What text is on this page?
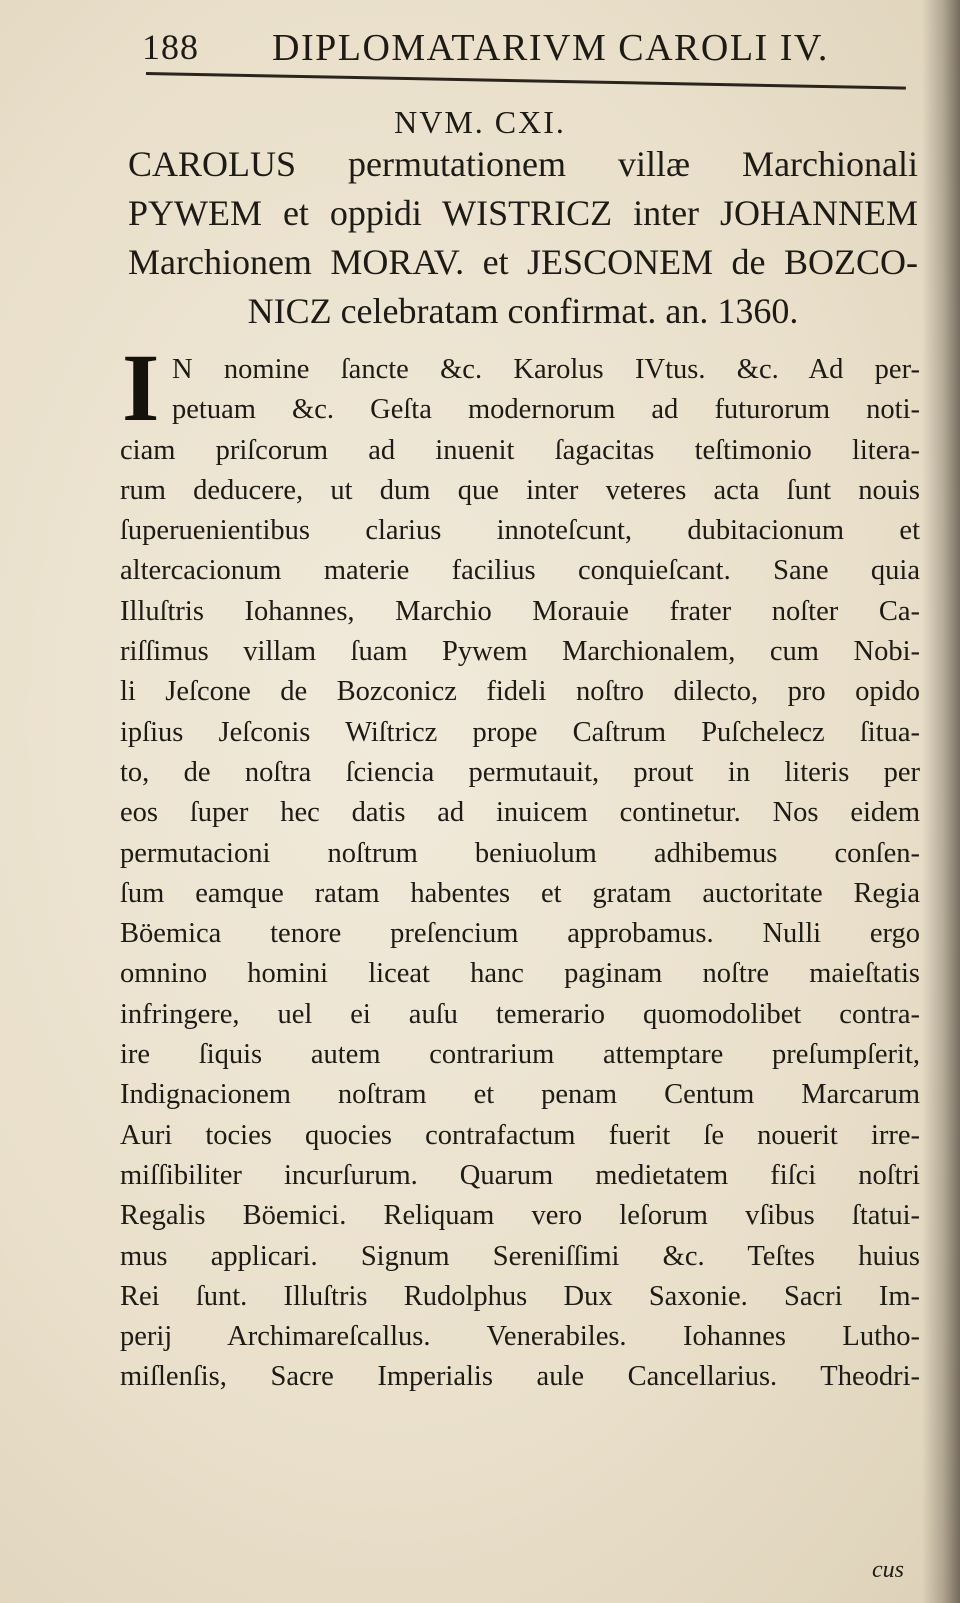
188 DIPLOMATARIVM CAROLI IV.
NVM. CXI.
CAROLUS permutationem villæ Marchionali
PYWEM et oppidi WISTRICZ inter JOHANNEM
Marchionem MORAV. et JESCONEM de BOZCO-
NICZ celebratam confirmat. an. 1360.
I N nomine ſancte &c. Karolus IVtus. &c. Ad per-
petuam &c. Geſta modernorum ad futurorum noti-
ciam priſcorum ad inuenit ſagacitas teſtimonio litera-
rum deducere, ut dum que inter veteres acta ſunt nouis
ſuperuenientibus clarius innoteſcunt, dubitacionum et
altercacionum materie facilius conquieſcant. Sane quia
Illuſtris Iohannes, Marchio Morauie frater noſter Ca-
riſſimus villam ſuam Pywem Marchionalem, cum Nobi-
li Jeſcone de Bozconicz fideli noſtro dilecto, pro opido
ipſius Jeſconis Wiſtricz prope Caſtrum Puſchelecz ſitua-
to, de noſtra ſciencia permutauit, prout in literis per
eos ſuper hec datis ad inuicem continetur. Nos eidem
permutacioni noſtrum beniuolum adhibemus conſen-
ſum eamque ratam habentes et gratam auctoritate Regia
Böemica tenore preſencium approbamus. Nulli ergo
omnino homini liceat hanc paginam noſtre maieſtatis
infringere, uel ei auſu temerario quomodolibet contra-
ire ſiquis autem contrarium attemptare preſumpſerit,
Indignacionem noſtram et penam Centum Marcarum
Auri tocies quocies contrafactum fuerit ſe nouerit irre-
miſſibiliter incurſurum. Quarum medietatem fiſci noſtri
Regalis Böemici. Reliquam vero leſorum vſibus ſtatui-
mus applicari. Signum Sereniſſimi &c. Teſtes huius
Rei ſunt. Illuſtris Rudolphus Dux Saxonie. Sacri Im-
perij Archimareſcallus. Venerabiles. Iohannes Lutho-
miſlenſis, Sacre Imperialis aule Cancellarius. Theodri-
cus
